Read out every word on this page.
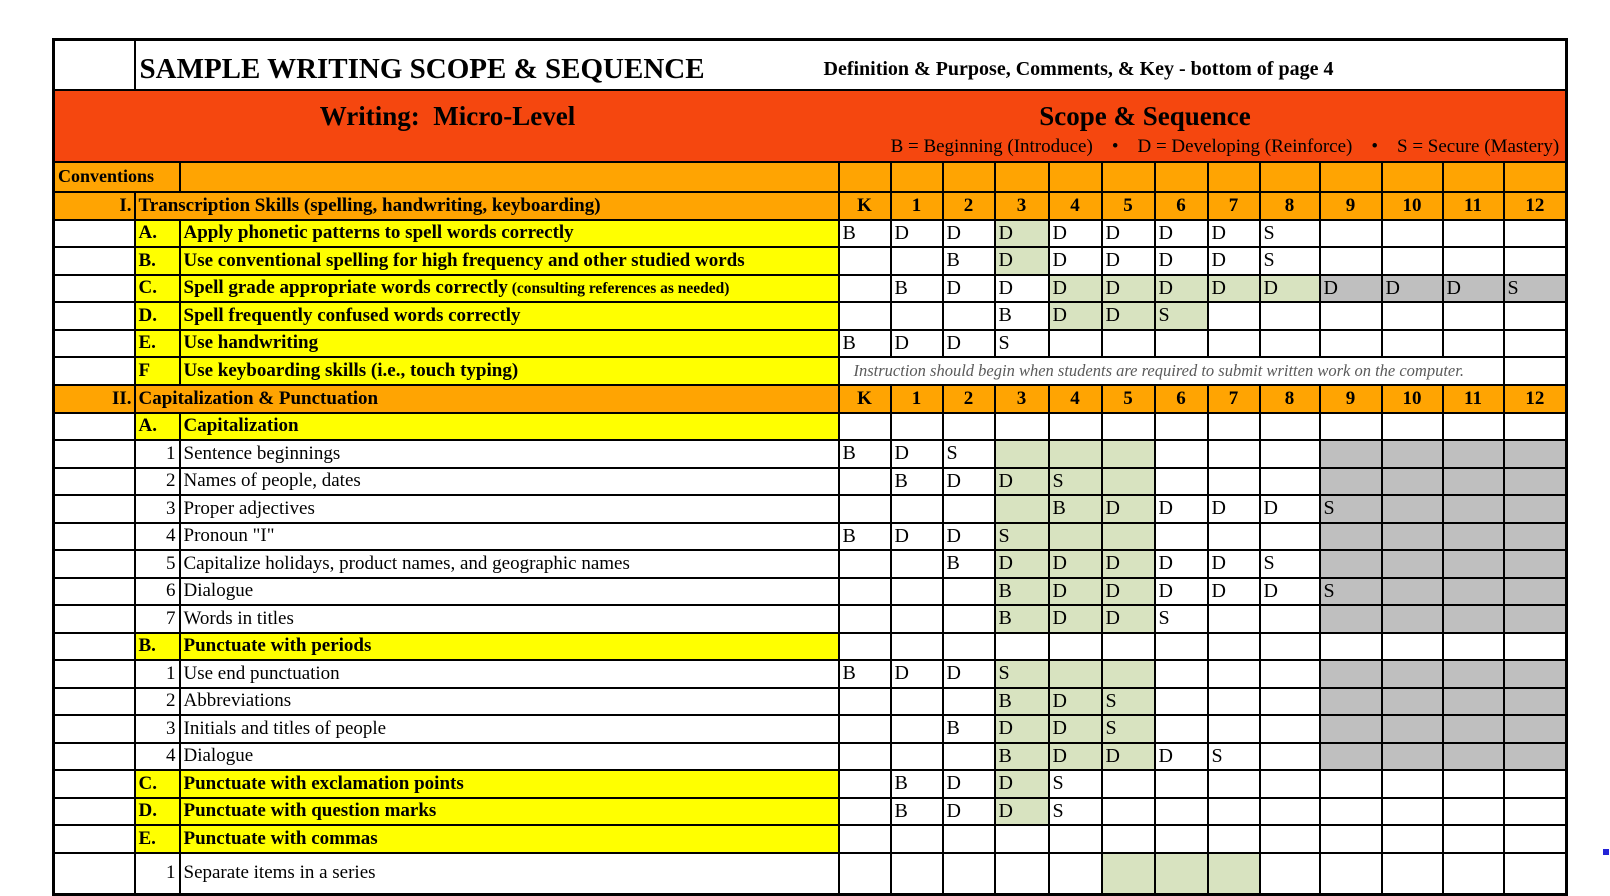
	SAMPLE WRITING SCOPE & SEQUENCE Definition & Purpose, Comments, & Key - bottom of page 4														

Writing:  Micro-Level Scope & Sequence
B = Beginning (Introduce)    •    D = Developing (Reinforce)    •    S = Secure (Mastery)															

Conventions															
I.	Transcription Skills (spelling, handwriting, keyboarding)		K	1	2	3	4	5	6	7	8	9	10	11	12
	A.	Apply phonetic patterns to spell words correctly	B	D	D	D	D	D	D	D	S				
	B.	Use conventional spelling for high frequency and other studied words			B	D	D	D	D	D	S				
	C.	Spell grade appropriate words correctly (consulting references as needed)		B	D	D	D	D	D	D	D	D	D	D	S
	D.	Spell frequently confused words correctly				B	D	D	S						
	E.	Use handwriting	B	D	D	S									
	F	Use keyboarding skills (i.e., touch typing)	Instruction should begin when students are required to submit written work on the computer.												
II.	Capitalization & Punctuation		K	1	2	3	4	5	6	7	8	9	10	11	12
	A.	Capitalization													
	1	Sentence beginnings	B	D	S										
	2	Names of people, dates		B	D	D	S								
	3	Proper adjectives					B	D	D	D	D	S			
	4	Pronoun "I"	B	D	D	S									
	5	Capitalize holidays, product names, and geographic names			B	D	D	D	D	D	S				
	6	Dialogue				B	D	D	D	D	D	S			
	7	Words in titles				B	D	D	S						
	B.	Punctuate with periods													
	1	Use end punctuation	B	D	D	S									
	2	Abbreviations				B	D	S							
	3	Initials and titles of people			B	D	D	S							
	4	Dialogue				B	D	D	D	S					
	C.	Punctuate with exclamation points		B	D	D	S								
	D.	Punctuate with question marks		B	D	D	S								
	E.	Punctuate with commas													
	1	Separate items in a series													
